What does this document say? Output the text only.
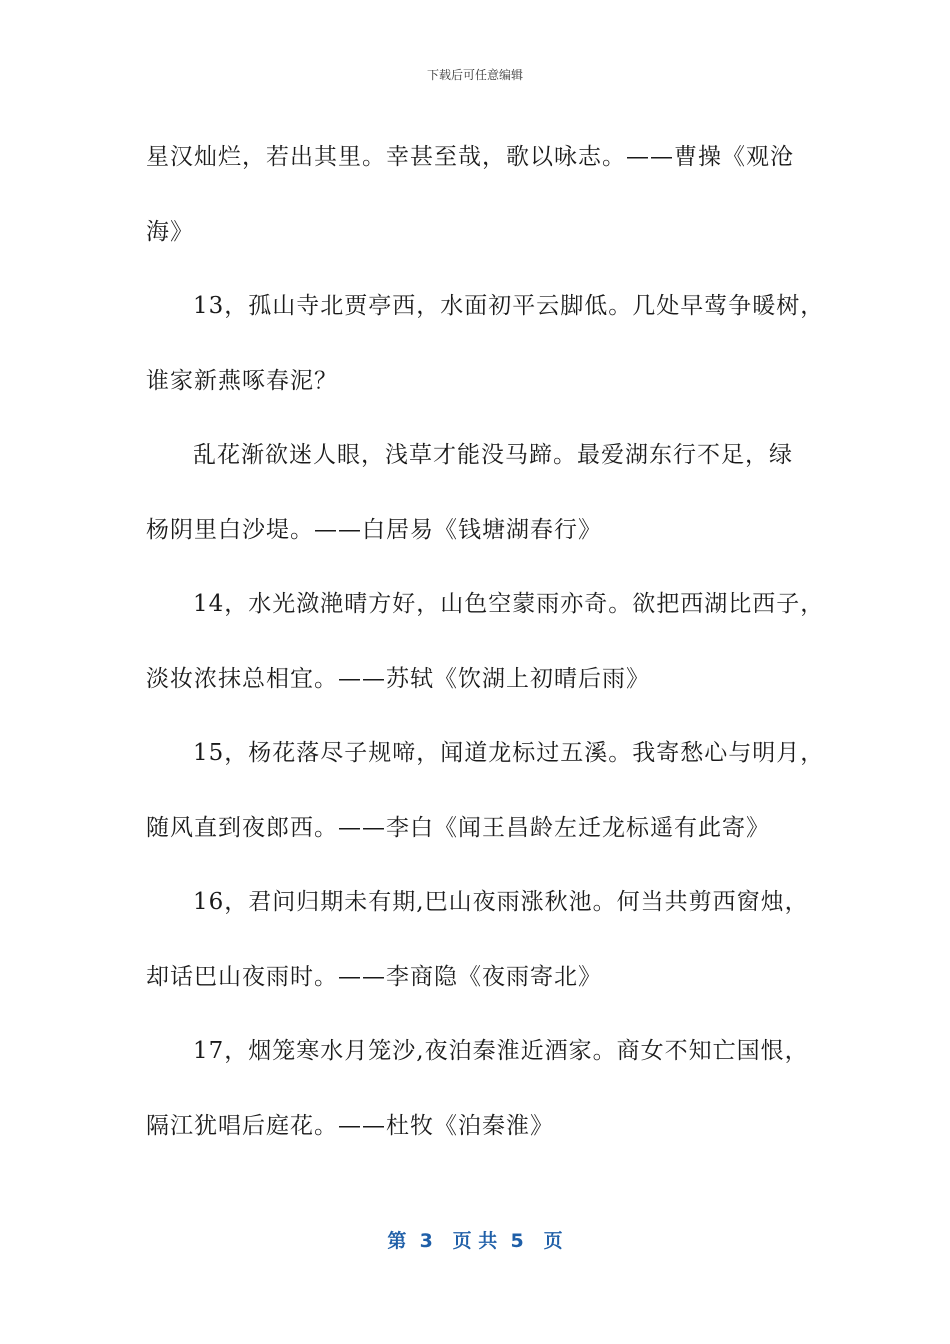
下载后可任意编辑
星汉灿烂，若出其里。幸甚至哉，歌以咏志。——曹操《观沧
海》
13，孤山寺北贾亭西，水面初平云脚低。几处早莺争暖树，
谁家新燕啄春泥？
乱花渐欲迷人眼，浅草才能没马蹄。最爱湖东行不足，绿
杨阴里白沙堤。——白居易《钱塘湖春行》
14，水光潋滟晴方好，山色空蒙雨亦奇。欲把西湖比西子，
淡妆浓抹总相宜。——苏轼《饮湖上初晴后雨》
15，杨花落尽子规啼，闻道龙标过五溪。我寄愁心与明月，
随风直到夜郎西。——李白《闻王昌龄左迁龙标遥有此寄》
16，君问归期未有期,巴山夜雨涨秋池。何当共剪西窗烛，
却话巴山夜雨时。——李商隐《夜雨寄北》
17，烟笼寒水月笼沙,夜泊秦淮近酒家。商女不知亡国恨，
隔江犹唱后庭花。——杜牧《泊秦淮》
第  3   页 共  5   页
